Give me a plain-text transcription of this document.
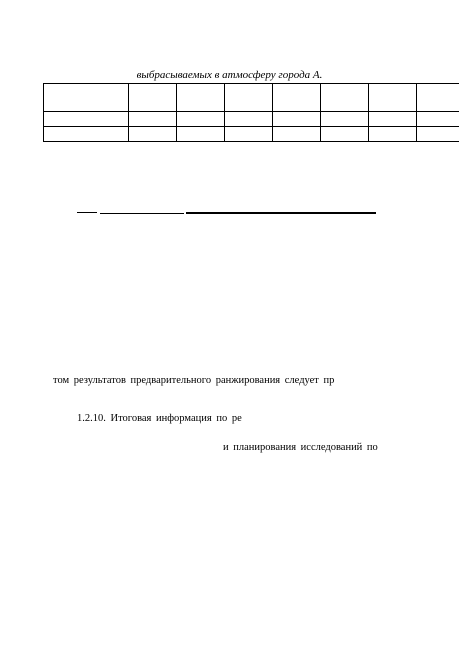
выбрасываемых в атмосферу города А.

том результатов предварительного ранжирования следует пр
1.2.10. Итоговая информация по ре
и планирования исследований по
